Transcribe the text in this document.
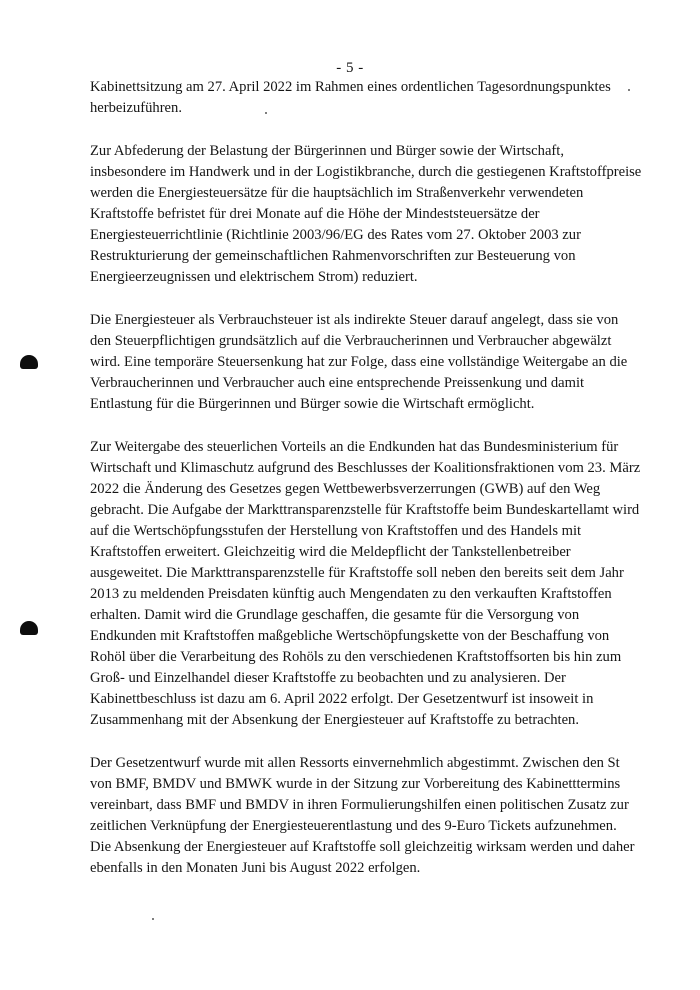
- 5 -
Kabinettsitzung am 27. April 2022 im Rahmen eines ordentlichen Tagesordnungspunktes
herbeizuführen.
Zur Abfederung der Belastung der Bürgerinnen und Bürger sowie der Wirtschaft,
insbesondere im Handwerk und in der Logistikbranche, durch die gestiegenen Kraftstoffpreise
werden die Energiesteuersätze für die hauptsächlich im Straßenverkehr verwendeten
Kraftstoffe befristet für drei Monate auf die Höhe der Mindeststeuersätze der
Energiesteuerrichtlinie (Richtlinie 2003/96/EG des Rates vom 27. Oktober 2003 zur
Restrukturierung der gemeinschaftlichen Rahmenvorschriften zur Besteuerung von
Energieerzeugnissen und elektrischem Strom) reduziert.
Die Energiesteuer als Verbrauchsteuer ist als indirekte Steuer darauf angelegt, dass sie von
den Steuerpflichtigen grundsätzlich auf die Verbraucherinnen und Verbraucher abgewälzt
wird. Eine temporäre Steuersenkung hat zur Folge, dass eine vollständige Weitergabe an die
Verbraucherinnen und Verbraucher auch eine entsprechende Preissenkung und damit
Entlastung für die Bürgerinnen und Bürger sowie die Wirtschaft ermöglicht.
Zur Weitergabe des steuerlichen Vorteils an die Endkunden hat das Bundesministerium für
Wirtschaft und Klimaschutz aufgrund des Beschlusses der Koalitionsfraktionen vom 23. März
2022 die Änderung des Gesetzes gegen Wettbewerbsverzerrungen (GWB) auf den Weg
gebracht. Die Aufgabe der Markttransparenzstelle für Kraftstoffe beim Bundeskartellamt wird
auf die Wertschöpfungsstufen der Herstellung von Kraftstoffen und des Handels mit
Kraftstoffen erweitert. Gleichzeitig wird die Meldepflicht der Tankstellenbetreiber
ausgeweitet. Die Markttransparenzstelle für Kraftstoffe soll neben den bereits seit dem Jahr
2013 zu meldenden Preisdaten künftig auch Mengendaten zu den verkauften Kraftstoffen
erhalten. Damit wird die Grundlage geschaffen, die gesamte für die Versorgung von
Endkunden mit Kraftstoffen maßgebliche Wertschöpfungskette von der Beschaffung von
Rohöl über die Verarbeitung des Rohöls zu den verschiedenen Kraftstoffsorten bis hin zum
Groß- und Einzelhandel dieser Kraftstoffe zu beobachten und zu analysieren. Der
Kabinettbeschluss ist dazu am 6. April 2022 erfolgt. Der Gesetzentwurf ist insoweit in
Zusammenhang mit der Absenkung der Energiesteuer auf Kraftstoffe zu betrachten.
Der Gesetzentwurf wurde mit allen Ressorts einvernehmlich abgestimmt. Zwischen den St
von BMF, BMDV und BMWK wurde in der Sitzung zur Vorbereitung des Kabinetttermins
vereinbart, dass BMF und BMDV in ihren Formulierungshilfen einen politischen Zusatz zur
zeitlichen Verknüpfung der Energiesteuerentlastung und des 9-Euro Tickets aufzunehmen.
Die Absenkung der Energiesteuer auf Kraftstoffe soll gleichzeitig wirksam werden und daher
ebenfalls in den Monaten Juni bis August 2022 erfolgen.
